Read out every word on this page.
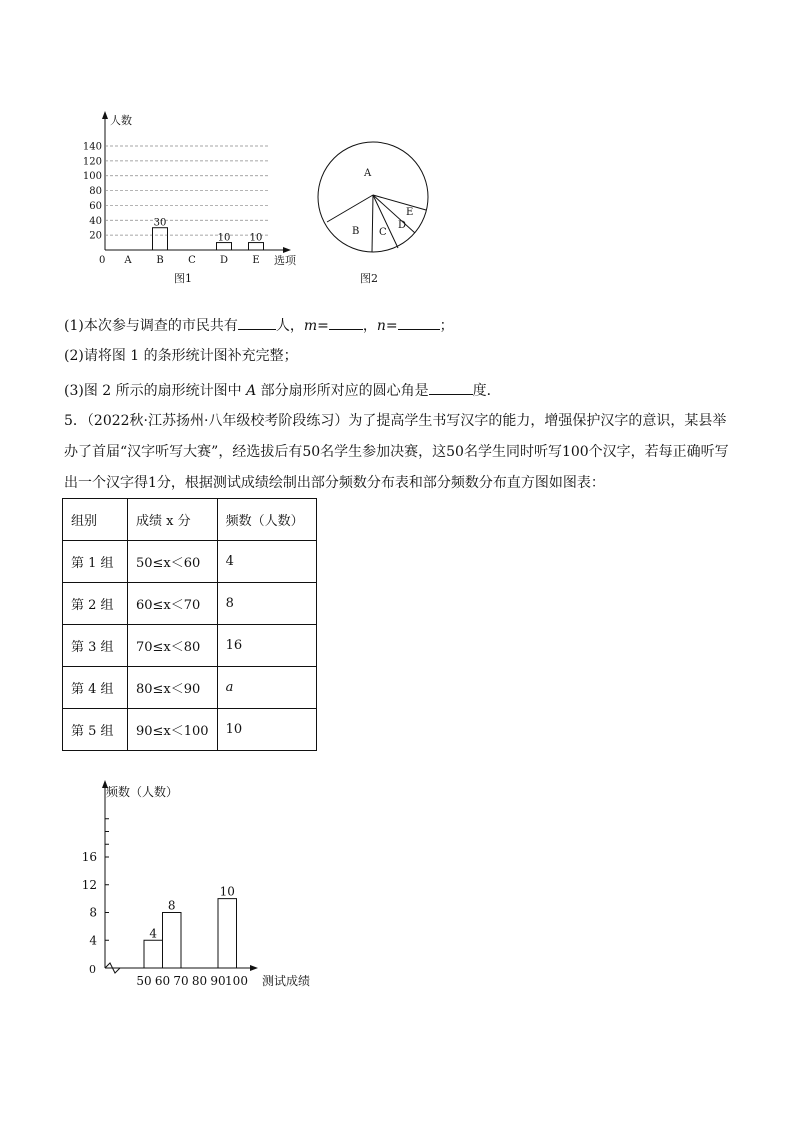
人数
选项
0
20
40
60
80
100
120
140
A B C D E
30
10 10
图1
A
B C
D
E
图2
(1)本次参与调查的市民共有	人，m= ，n=	；
(2)请将图 1 的条形统计图补充完整；
(3)图 2 所示的扇形统计图中 A 部分扇形所对应的圆心角是	度．
5．（2022秋·江苏扬州·八年级校考阶段练习）为了提高学生书写汉字的能力，增强保护汉字的意识，某县举
办了首届“汉字听写大赛”，经选拔后有50名学生参加决赛，这50名学生同时听写100个汉字，若每正确听写
出一个汉字得1分，根据测试成绩绘制出部分频数分布表和部分频数分布直方图如图表：
组别	成绩 x 分	频数（人数）
第 1 组	50≤x＜60	4
第 2 组	60≤x＜70	8
第 3 组	70≤x＜80	16
第 4 组	80≤x＜90	a
第 5 组	90≤x＜100	10
频数（人数）
测试成绩
0
4
8
12
16
50 60 70 80 90 100
4
8
10
